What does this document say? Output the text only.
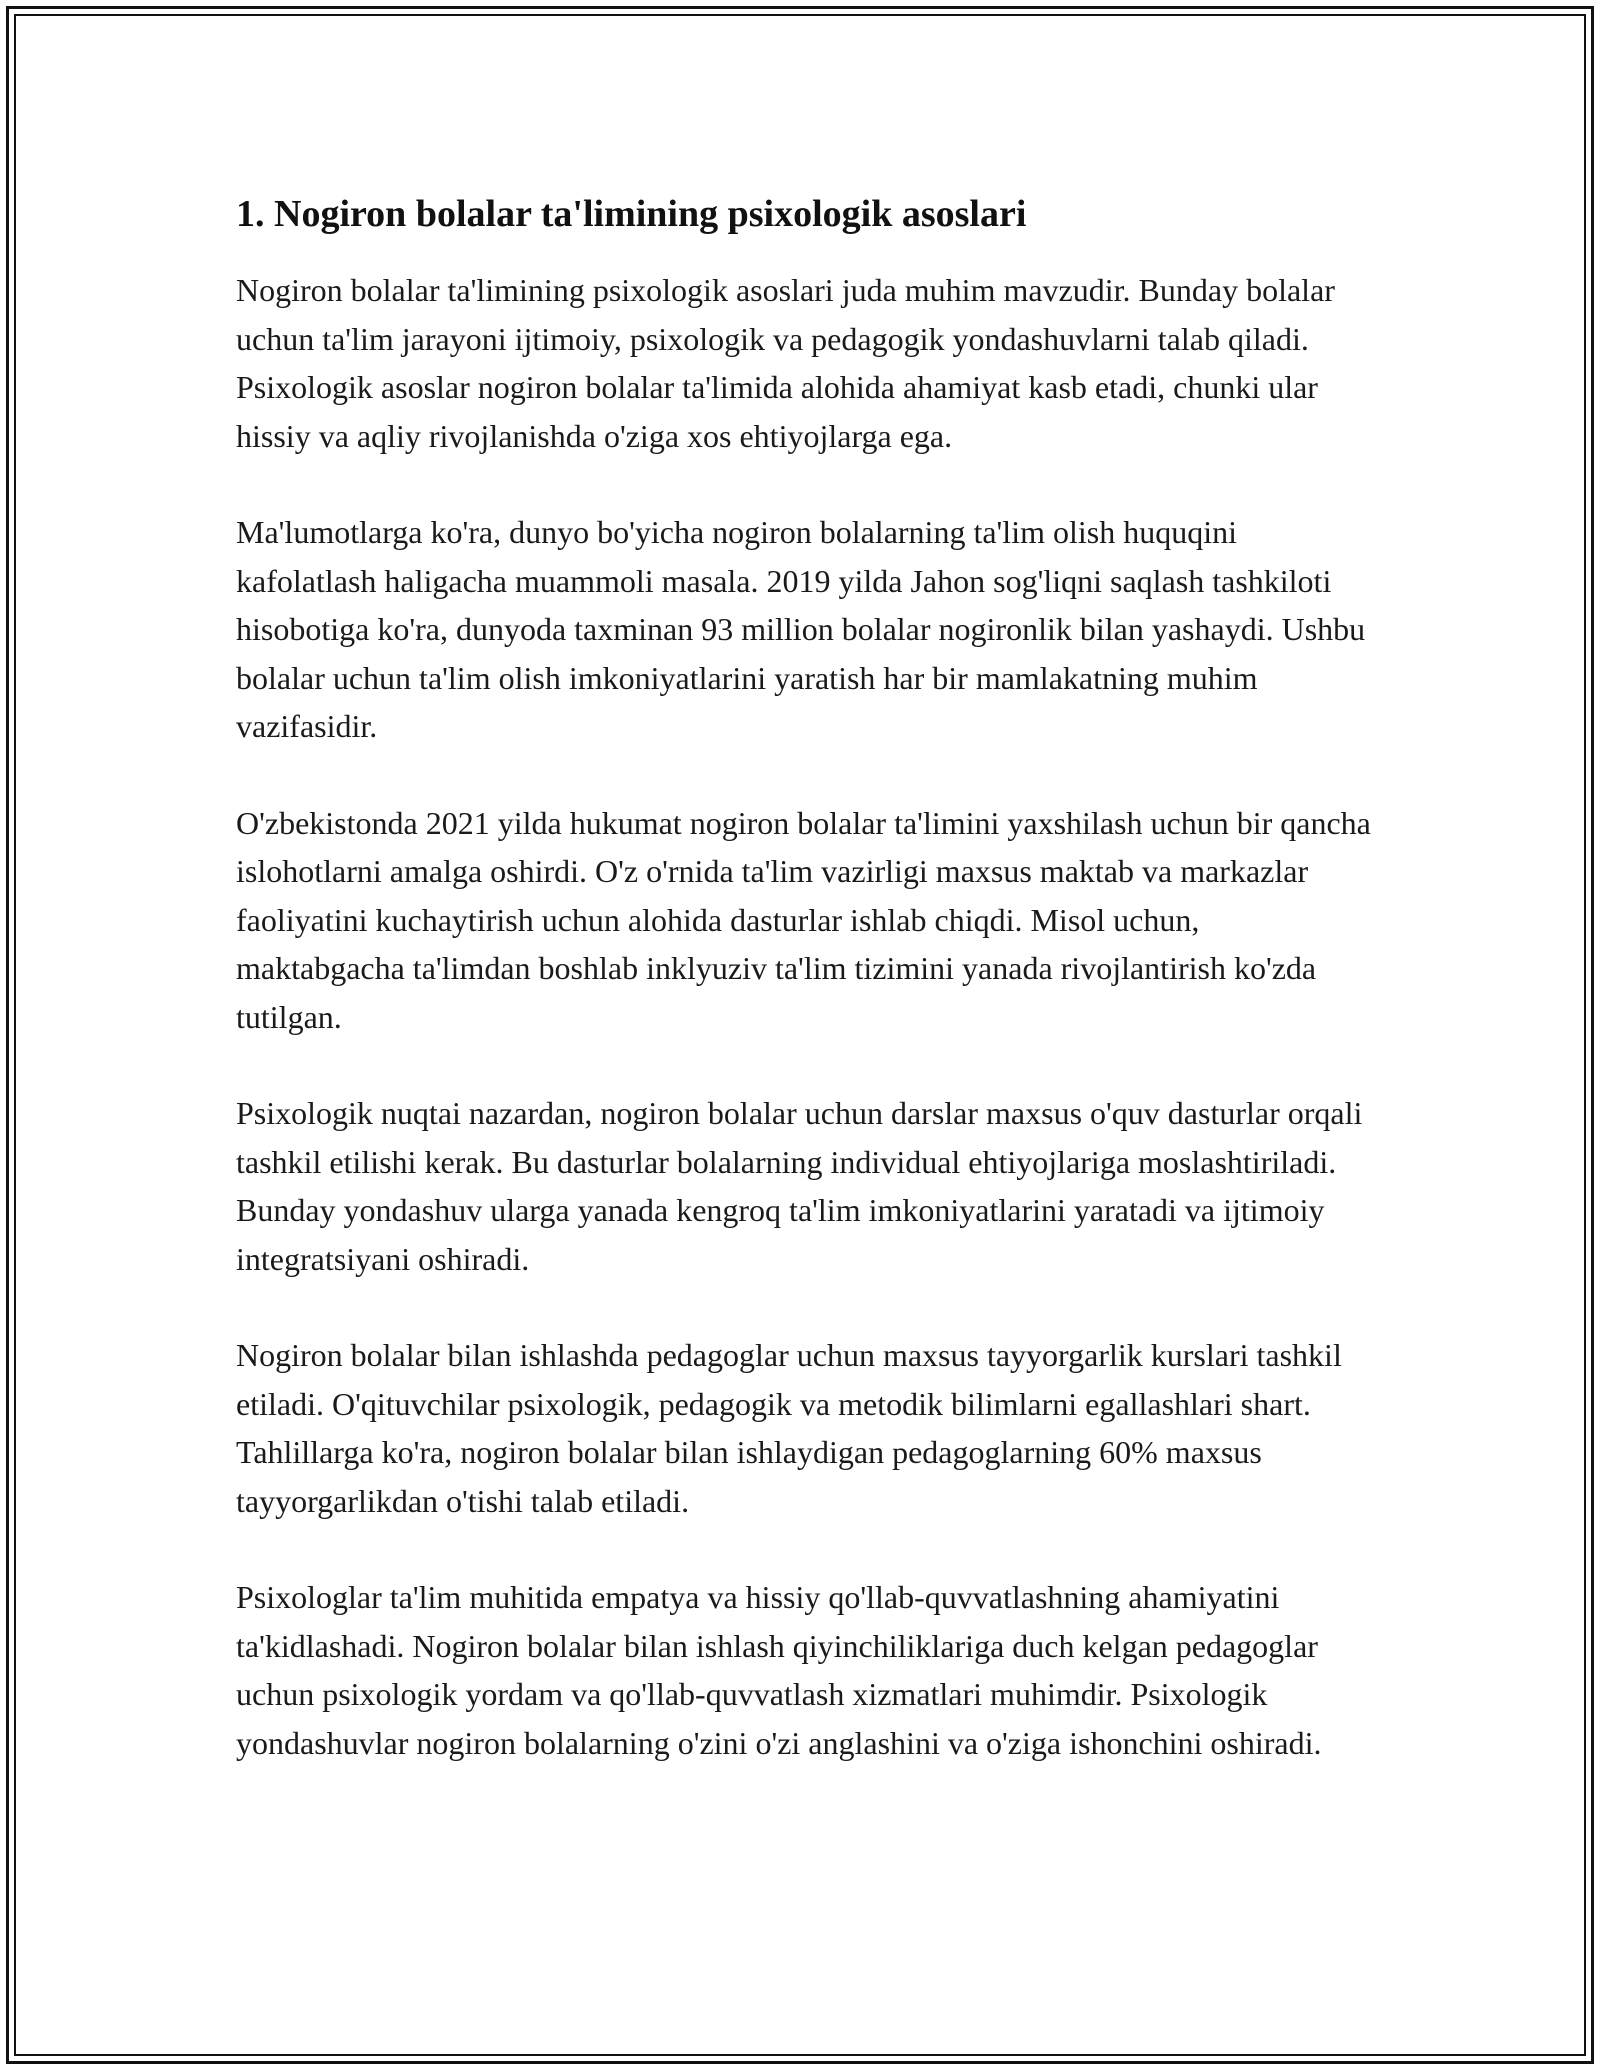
1. Nogiron bolalar ta'limining psixologik asoslari

Nogiron bolalar ta'limining psixologik asoslari juda muhim mavzudir. Bunday bolalar uchun ta'lim jarayoni ijtimoiy, psixologik va pedagogik yondashuvlarni talab qiladi. Psixologik asoslar nogiron bolalar ta'limida alohida ahamiyat kasb etadi, chunki ular hissiy va aqliy rivojlanishda o'ziga xos ehtiyojlarga ega.

Ma'lumotlarga ko'ra, dunyo bo'yicha nogiron bolalarning ta'lim olish huquqini kafolatlash haligacha muammoli masala. 2019 yilda Jahon sog'liqni saqlash tashkiloti hisobotiga ko'ra, dunyoda taxminan 93 million bolalar nogironlik bilan yashaydi. Ushbu bolalar uchun ta'lim olish imkoniyatlarini yaratish har bir mamlakatning muhim vazifasidir.

O'zbekistonda 2021 yilda hukumat nogiron bolalar ta'limini yaxshilash uchun bir qancha islohotlarni amalga oshirdi. O'z o'rnida ta'lim vazirligi maxsus maktab va markazlar faoliyatini kuchaytirish uchun alohida dasturlar ishlab chiqdi. Misol uchun, maktabgacha ta'limdan boshlab inklyuziv ta'lim tizimini yanada rivojlantirish ko'zda tutilgan.

Psixologik nuqtai nazardan, nogiron bolalar uchun darslar maxsus o'quv dasturlar orqali tashkil etilishi kerak. Bu dasturlar bolalarning individual ehtiyojlariga moslashtiriladi. Bunday yondashuv ularga yanada kengroq ta'lim imkoniyatlarini yaratadi va ijtimoiy integratsiyani oshiradi.

Nogiron bolalar bilan ishlashda pedagoglar uchun maxsus tayyorgarlik kurslari tashkil etiladi. O'qituvchilar psixologik, pedagogik va metodik bilimlarni egallashlari shart. Tahlillarga ko'ra, nogiron bolalar bilan ishlaydigan pedagoglarning 60% maxsus tayyorgarlikdan o'tishi talab etiladi.

Psixologlar ta'lim muhitida empatya va hissiy qo'llab-quvvatlashning ahamiyatini ta'kidlashadi. Nogiron bolalar bilan ishlash qiyinchiliklariga duch kelgan pedagoglar uchun psixologik yordam va qo'llab-quvvatlash xizmatlari muhimdir. Psixologik yondashuvlar nogiron bolalarning o'zini o'zi anglashini va o'ziga ishonchini oshiradi.
